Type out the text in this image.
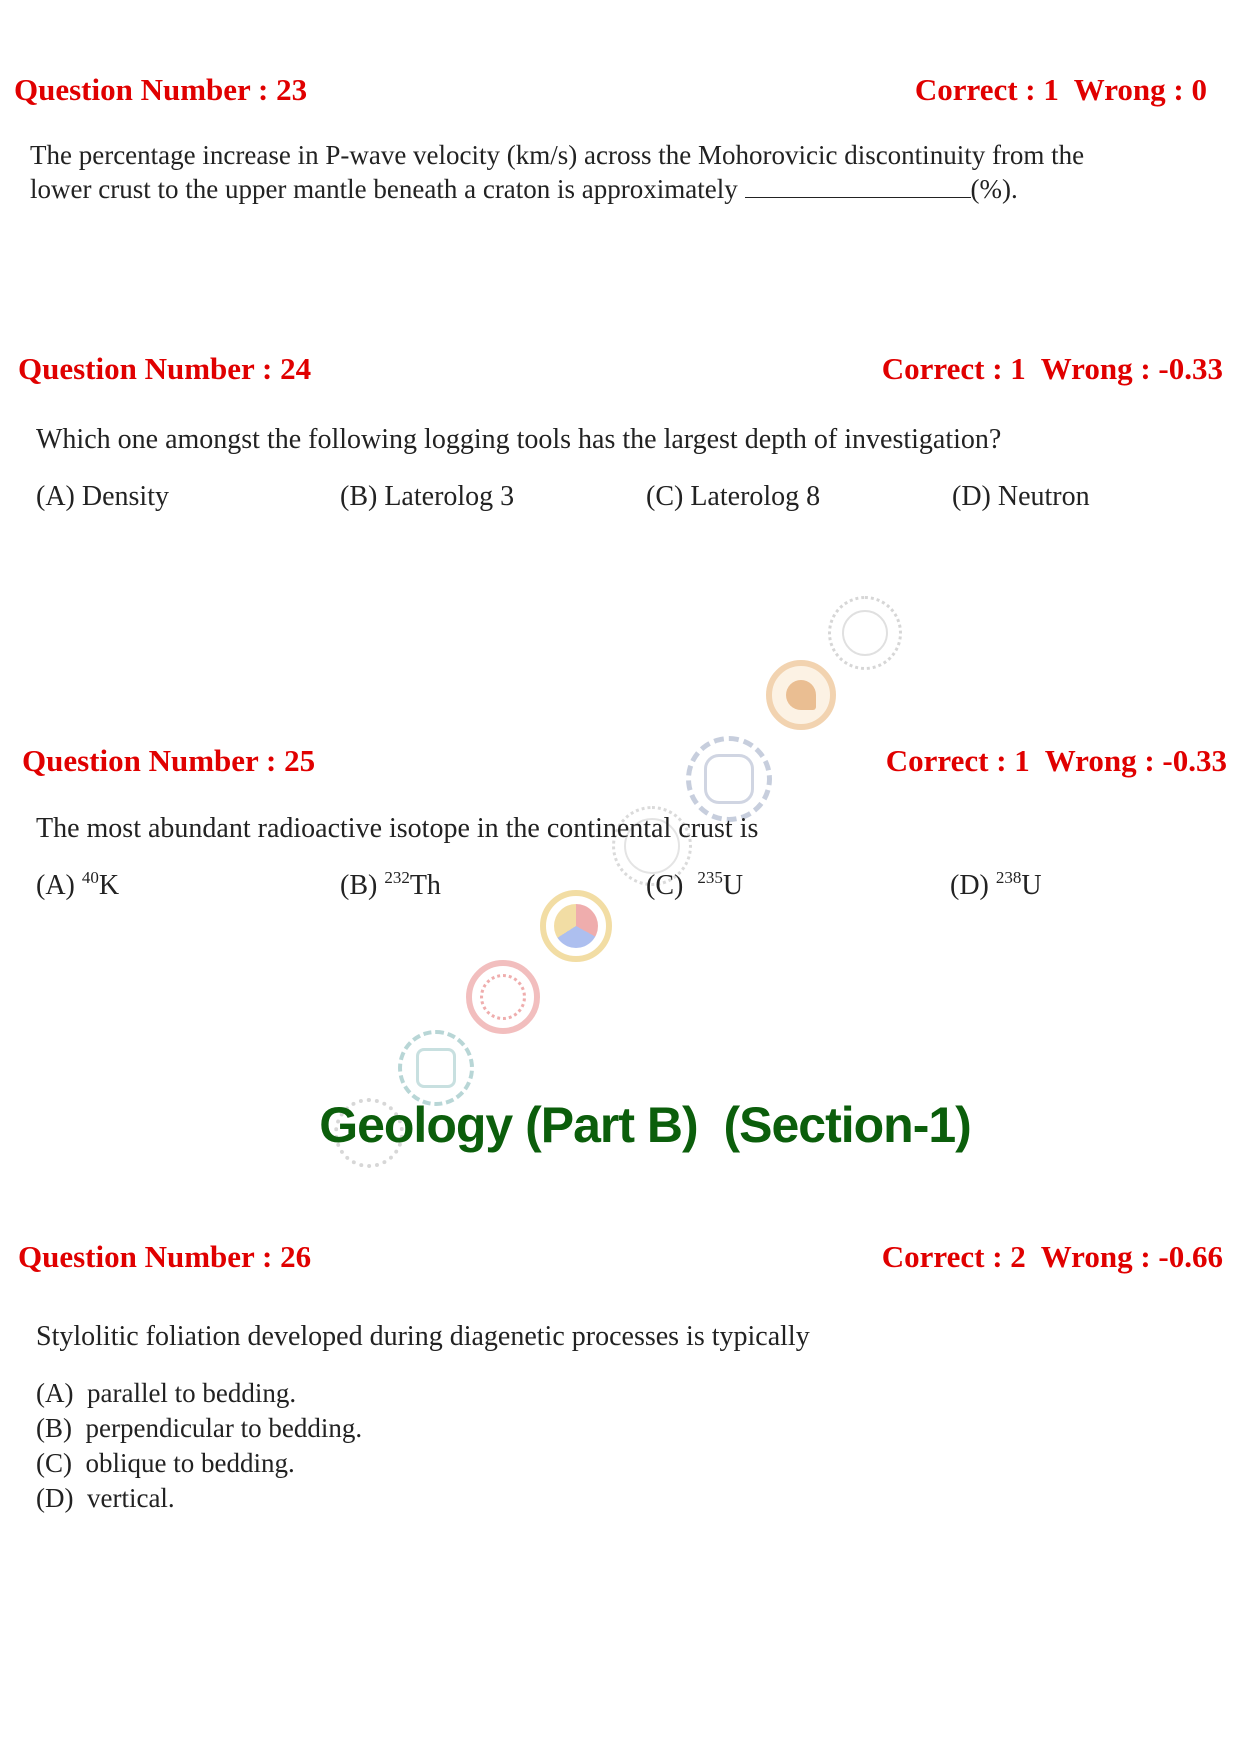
Question Number : 23	Correct : 1  Wrong : 0
The percentage increase in P-wave velocity (km/s) across the Mohorovicic discontinuity from the
lower crust to the upper mantle beneath a craton is approximately	(%).
Question Number : 24	Correct : 1  Wrong : -0.33
Which one amongst the following logging tools has the largest depth of investigation?
(A) Density	(B) Laterolog 3	(C) Laterolog 8	(D) Neutron
Question Number : 25	Correct : 1  Wrong : -0.33
The most abundant radioactive isotope in the continental crust is
(A) $^{40}$K	(B) $^{232}$Th	(C)  $^{235}$U	(D) $^{238}$U
Geology (Part B)  (Section-1)
Question Number : 26	Correct : 2  Wrong : -0.66
Stylolitic foliation developed during diagenetic processes is typically
(A)  parallel to bedding.
(B)  perpendicular to bedding.
(C)  oblique to bedding.
(D)  vertical.
